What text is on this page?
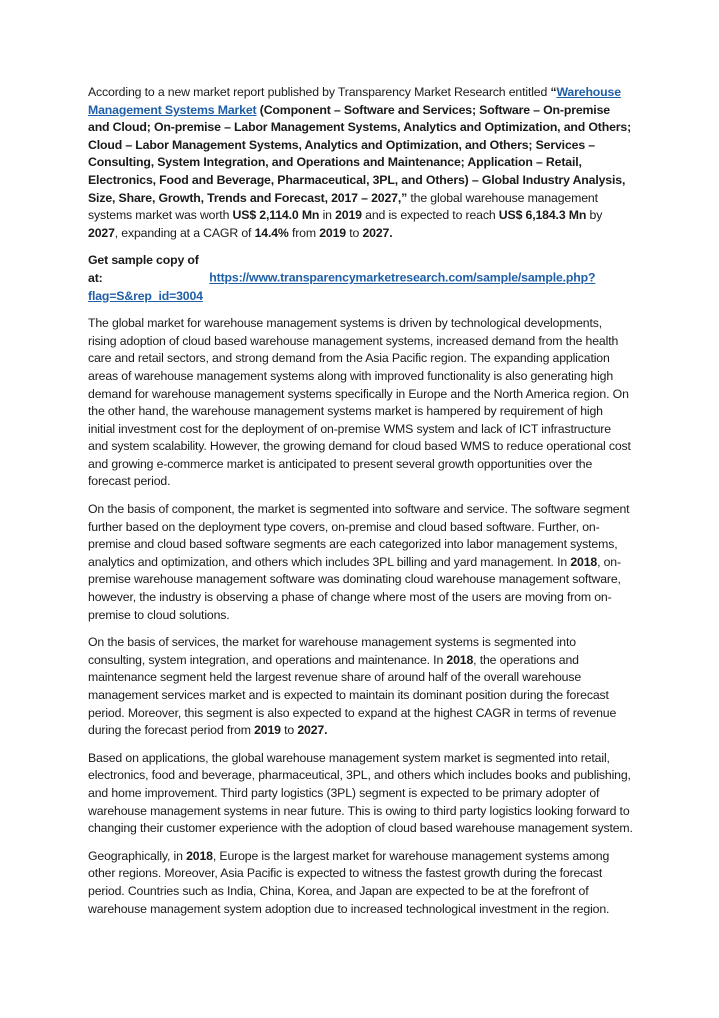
According to a new market report published by Transparency Market Research entitled “Warehouse Management Systems Market (Component – Software and Services; Software – On-premise and Cloud; On-premise – Labor Management Systems, Analytics and Optimization, and Others; Cloud – Labor Management Systems, Analytics and Optimization, and Others; Services – Consulting, System Integration, and Operations and Maintenance; Application – Retail, Electronics, Food and Beverage, Pharmaceutical, 3PL, and Others) – Global Industry Analysis, Size, Share, Growth, Trends and Forecast, 2017 – 2027,” the global warehouse management systems market was worth US$ 2,114.0 Mn in 2019 and is expected to reach US$ 6,184.3 Mn by 2027, expanding at a CAGR of 14.4% from 2019 to 2027.

Get sample copy of at:	https://www.transparencymarketresearch.com/sample/sample.php?flag=S&rep_id=3004

The global market for warehouse management systems is driven by technological developments, rising adoption of cloud based warehouse management systems, increased demand from the health care and retail sectors, and strong demand from the Asia Pacific region. The expanding application areas of warehouse management systems along with improved functionality is also generating high demand for warehouse management systems specifically in Europe and the North America region. On the other hand, the warehouse management systems market is hampered by requirement of high initial investment cost for the deployment of on-premise WMS system and lack of ICT infrastructure and system scalability. However, the growing demand for cloud based WMS to reduce operational cost and growing e-commerce market is anticipated to present several growth opportunities over the forecast period.

On the basis of component, the market is segmented into software and service. The software segment further based on the deployment type covers, on-premise and cloud based software. Further, on-premise and cloud based software segments are each categorized into labor management systems, analytics and optimization, and others which includes 3PL billing and yard management. In 2018, on-premise warehouse management software was dominating cloud warehouse management software, however, the industry is observing a phase of change where most of the users are moving from on-premise to cloud solutions.

On the basis of services, the market for warehouse management systems is segmented into consulting, system integration, and operations and maintenance. In 2018, the operations and maintenance segment held the largest revenue share of around half of the overall warehouse management services market and is expected to maintain its dominant position during the forecast period. Moreover, this segment is also expected to expand at the highest CAGR in terms of revenue during the forecast period from 2019 to 2027.

Based on applications, the global warehouse management system market is segmented into retail, electronics, food and beverage, pharmaceutical, 3PL, and others which includes books and publishing, and home improvement. Third party logistics (3PL) segment is expected to be primary adopter of warehouse management systems in near future. This is owing to third party logistics looking forward to changing their customer experience with the adoption of cloud based warehouse management system.

Geographically, in 2018, Europe is the largest market for warehouse management systems among other regions. Moreover, Asia Pacific is expected to witness the fastest growth during the forecast period. Countries such as India, China, Korea, and Japan are expected to be at the forefront of warehouse management system adoption due to increased technological investment in the region.
